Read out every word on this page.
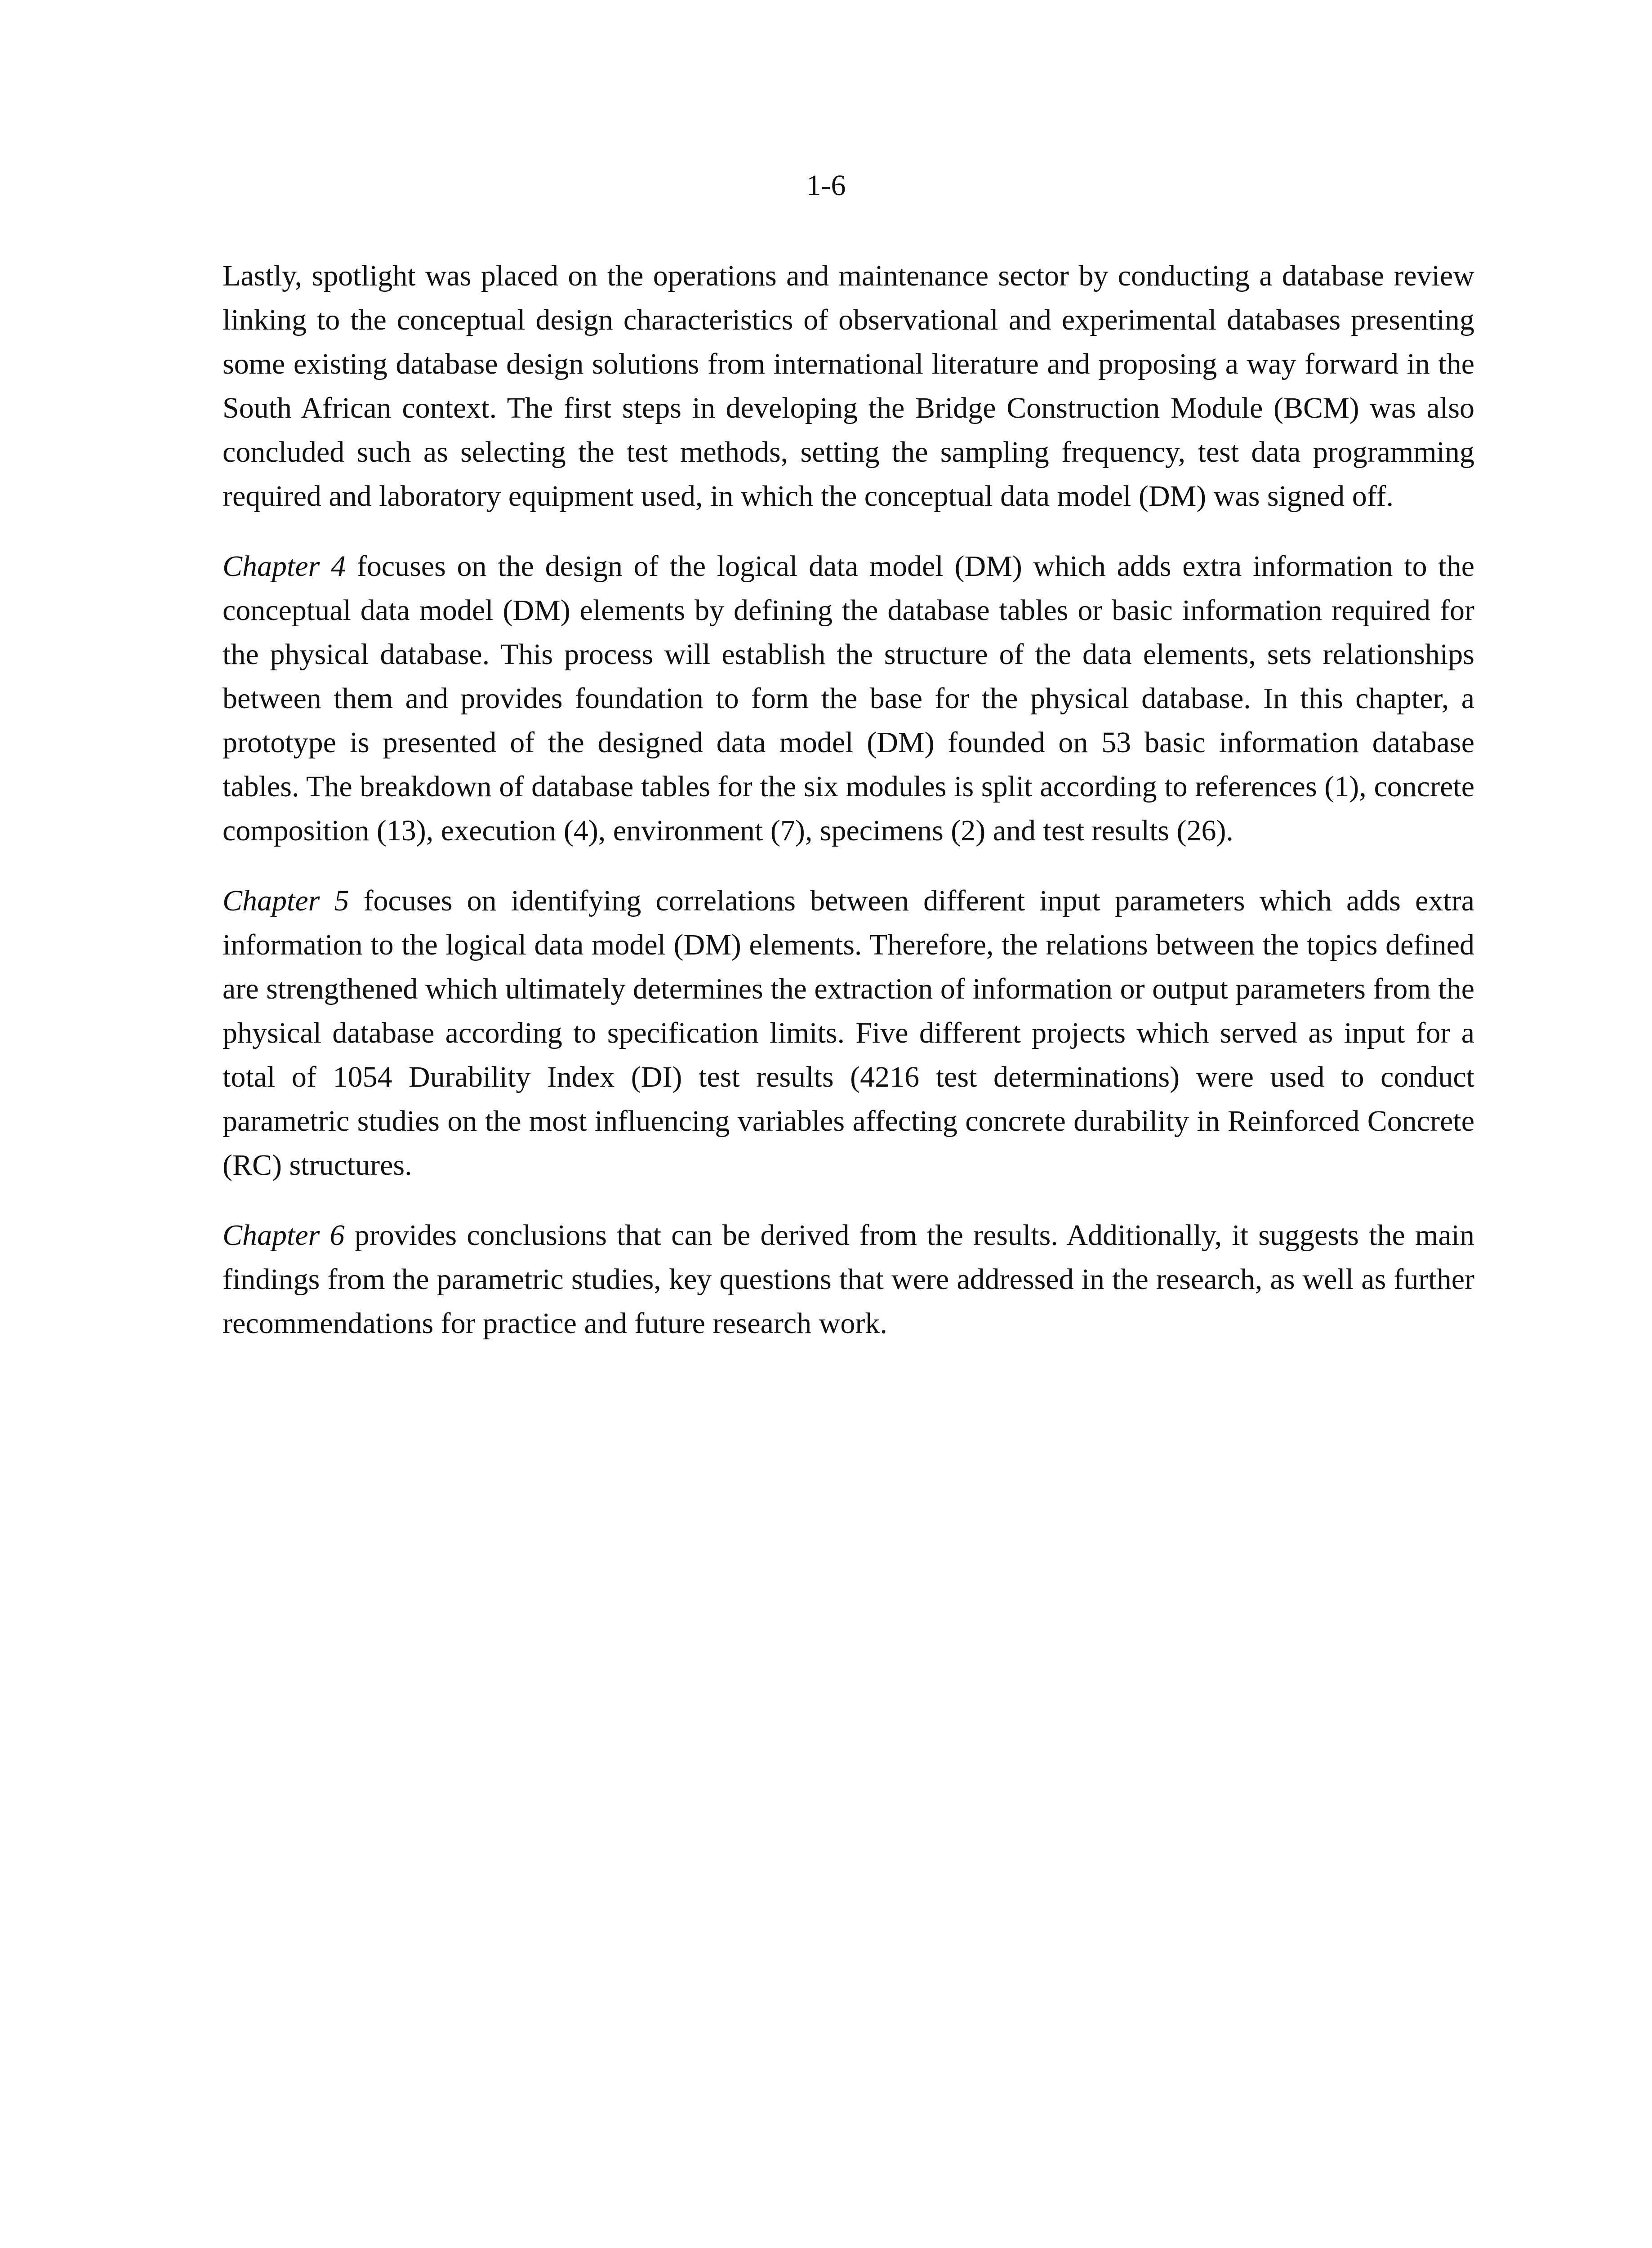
1-6

Lastly, spotlight was placed on the operations and maintenance sector by conducting a database review linking to the conceptual design characteristics of observational and experimental databases presenting some existing database design solutions from international literature and proposing a way forward in the South African context. The first steps in developing the Bridge Construction Module (BCM) was also concluded such as selecting the test methods, setting the sampling frequency, test data programming required and laboratory equipment used, in which the conceptual data model (DM) was signed off.

Chapter 4 focuses on the design of the logical data model (DM) which adds extra information to the conceptual data model (DM) elements by defining the database tables or basic information required for the physical database. This process will establish the structure of the data elements, sets relationships between them and provides foundation to form the base for the physical database. In this chapter, a prototype is presented of the designed data model (DM) founded on 53 basic information database tables. The breakdown of database tables for the six modules is split according to references (1), concrete composition (13), execution (4), environment (7), specimens (2) and test results (26).

Chapter 5 focuses on identifying correlations between different input parameters which adds extra information to the logical data model (DM) elements. Therefore, the relations between the topics defined are strengthened which ultimately determines the extraction of information or output parameters from the physical database according to specification limits. Five different projects which served as input for a total of 1054 Durability Index (DI) test results (4216 test determinations) were used to conduct parametric studies on the most influencing variables affecting concrete durability in Reinforced Concrete (RC) structures.

Chapter 6 provides conclusions that can be derived from the results. Additionally, it suggests the main findings from the parametric studies, key questions that were addressed in the research, as well as further recommendations for practice and future research work.
